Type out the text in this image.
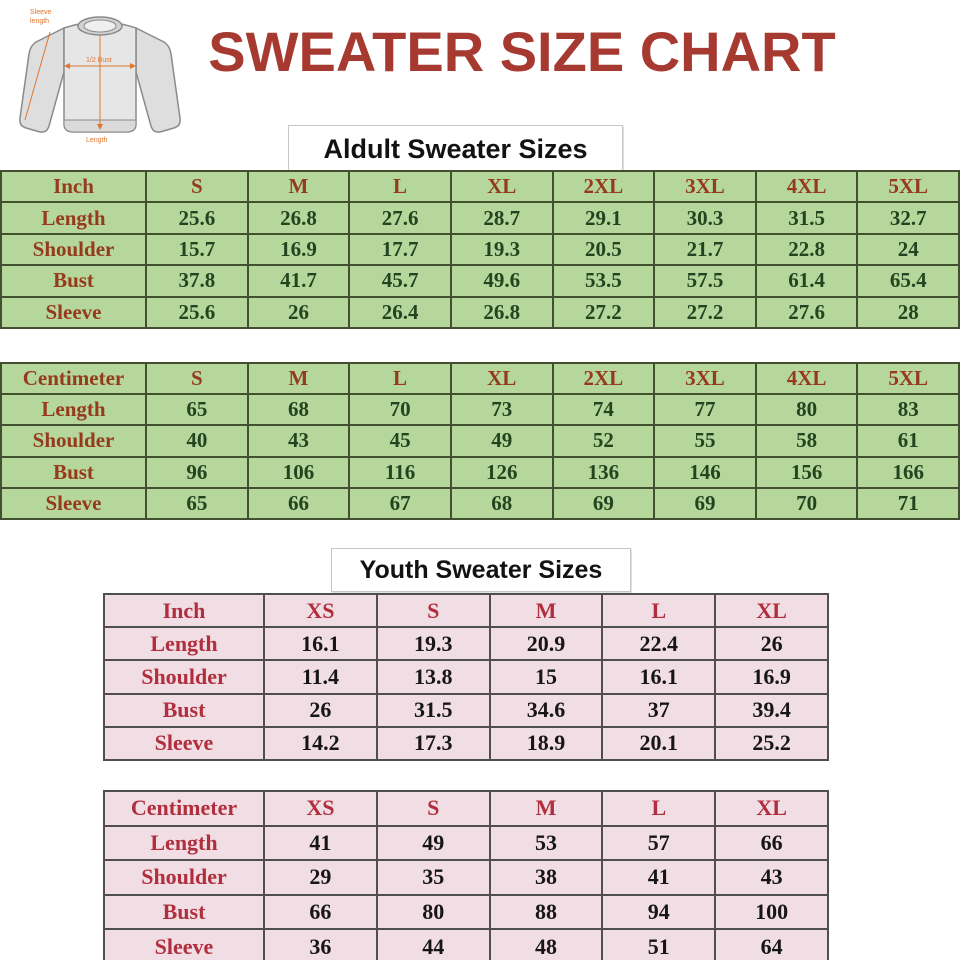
Sleeve
length
1/2 Bust
Length
SWEATER SIZE CHART
Aldult Sweater Sizes
Youth Sweater Sizes
Inch	S	M	L	XL	2XL	3XL	4XL	5XL
Length	25.6	26.8	27.6	28.7	29.1	30.3	31.5	32.7
Shoulder	15.7	16.9	17.7	19.3	20.5	21.7	22.8	24
Bust	37.8	41.7	45.7	49.6	53.5	57.5	61.4	65.4
Sleeve	25.6	26	26.4	26.8	27.2	27.2	27.6	28
Centimeter	S	M	L	XL	2XL	3XL	4XL	5XL
Length	65	68	70	73	74	77	80	83
Shoulder	40	43	45	49	52	55	58	61
Bust	96	106	116	126	136	146	156	166
Sleeve	65	66	67	68	69	69	70	71
Inch	XS	S	M	L	XL
Length	16.1	19.3	20.9	22.4	26
Shoulder	11.4	13.8	15	16.1	16.9
Bust	26	31.5	34.6	37	39.4
Sleeve	14.2	17.3	18.9	20.1	25.2
Centimeter	XS	S	M	L	XL
Length	41	49	53	57	66
Shoulder	29	35	38	41	43
Bust	66	80	88	94	100
Sleeve	36	44	48	51	64
